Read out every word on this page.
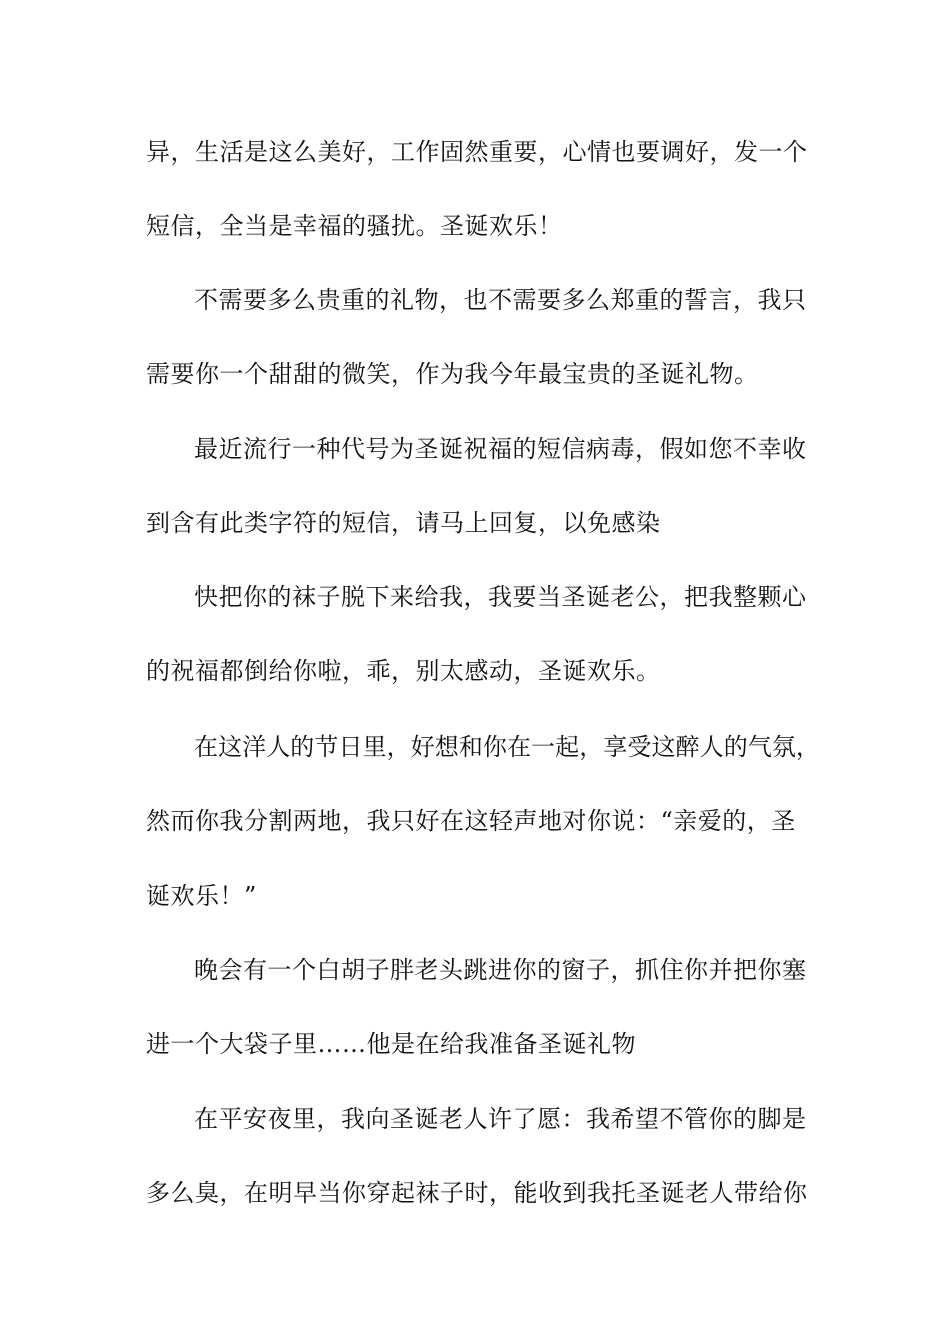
异，生活是这么美好，工作固然重要，心情也要调好，发一个
短信，全当是幸福的骚扰。圣诞欢乐！
不需要多么贵重的礼物，也不需要多么郑重的誓言，我只
需要你一个甜甜的微笑，作为我今年最宝贵的圣诞礼物。
最近流行一种代号为圣诞祝福的短信病毒，假如您不幸收
到含有此类字符的短信，请马上回复，以免感染
快把你的袜子脱下来给我，我要当圣诞老公，把我整颗心
的祝福都倒给你啦，乖，别太感动，圣诞欢乐。
在这洋人的节日里，好想和你在一起，享受这醉人的气氛，
然而你我分割两地，我只好在这轻声地对你说：“亲爱的，圣
诞欢乐！”
晚会有一个白胡子胖老头跳进你的窗子，抓住你并把你塞
进一个大袋子里……他是在给我准备圣诞礼物
在平安夜里，我向圣诞老人许了愿：我希望不管你的脚是
多么臭，在明早当你穿起袜子时，能收到我托圣诞老人带给你
